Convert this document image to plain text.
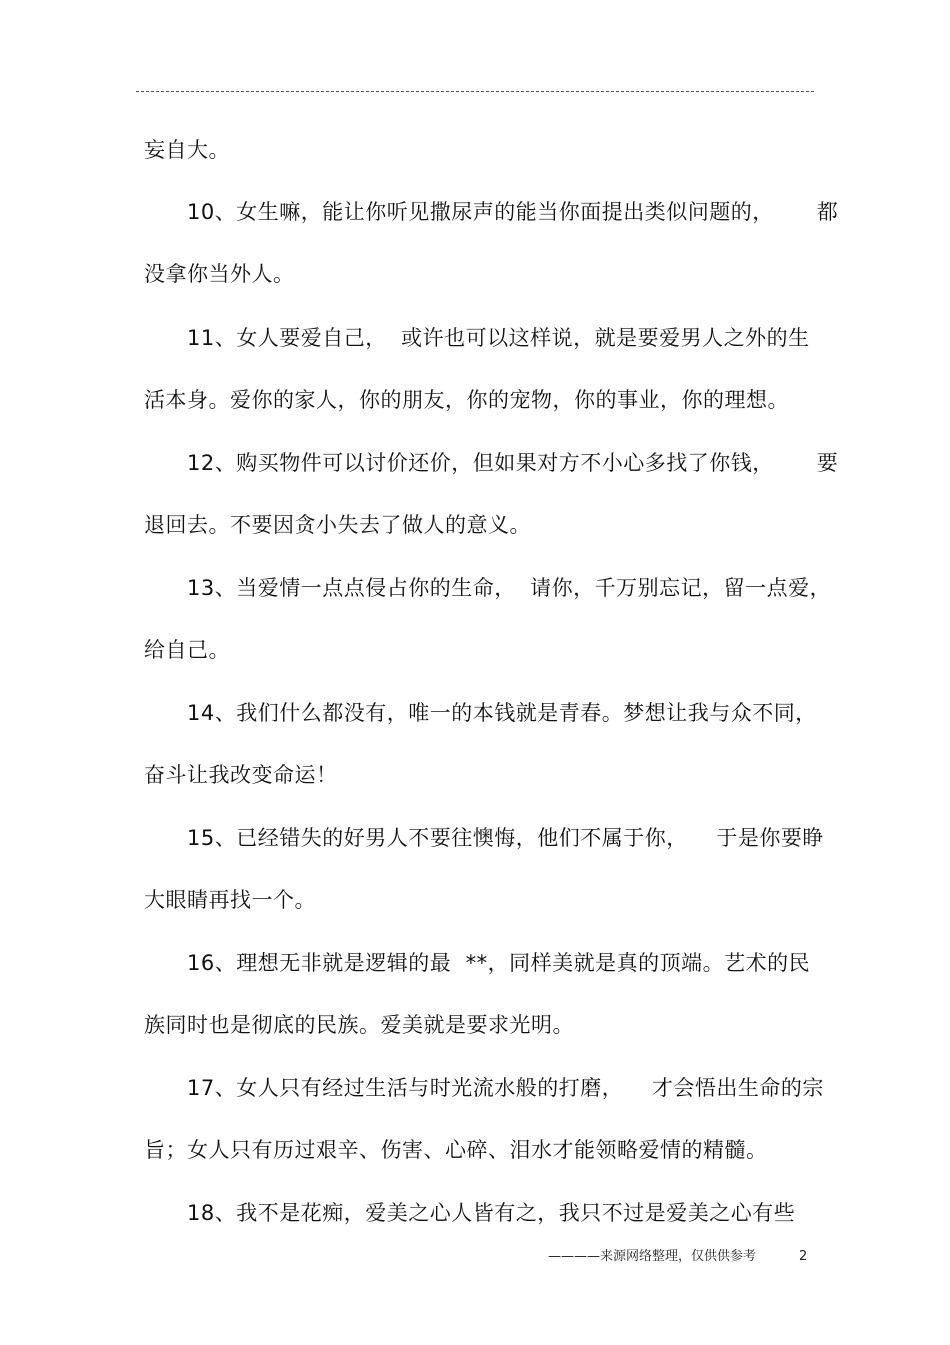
妄自大。
10、女生嘛，能让你听见撒尿声的能当你面提出类似问题的，      都
没拿你当外人。
11、女人要爱自己，  或许也可以这样说，就是要爱男人之外的生
活本身。爱你的家人，你的朋友，你的宠物，你的事业，你的理想。
12、购买物件可以讨价还价，但如果对方不小心多找了你钱，      要
退回去。不要因贪小失去了做人的意义。
13、当爱情一点点侵占你的生命，  请你，千万别忘记，留一点爱，
给自己。
14、我们什么都没有，唯一的本钱就是青春。梦想让我与众不同，
奋斗让我改变命运！
15、已经错失的好男人不要往懊悔，他们不属于你，    于是你要睁
大眼睛再找一个。
16、理想无非就是逻辑的最  **，同样美就是真的顶端。艺术的民
族同时也是彻底的民族。爱美就是要求光明。
17、女人只有经过生活与时光流水般的打磨，    才会悟出生命的宗
旨；女人只有历过艰辛、伤害、心碎、泪水才能领略爱情的精髓。
18、我不是花痴，爱美之心人皆有之，我只不过是爱美之心有些
————来源网络整理，仅供供参考	2
